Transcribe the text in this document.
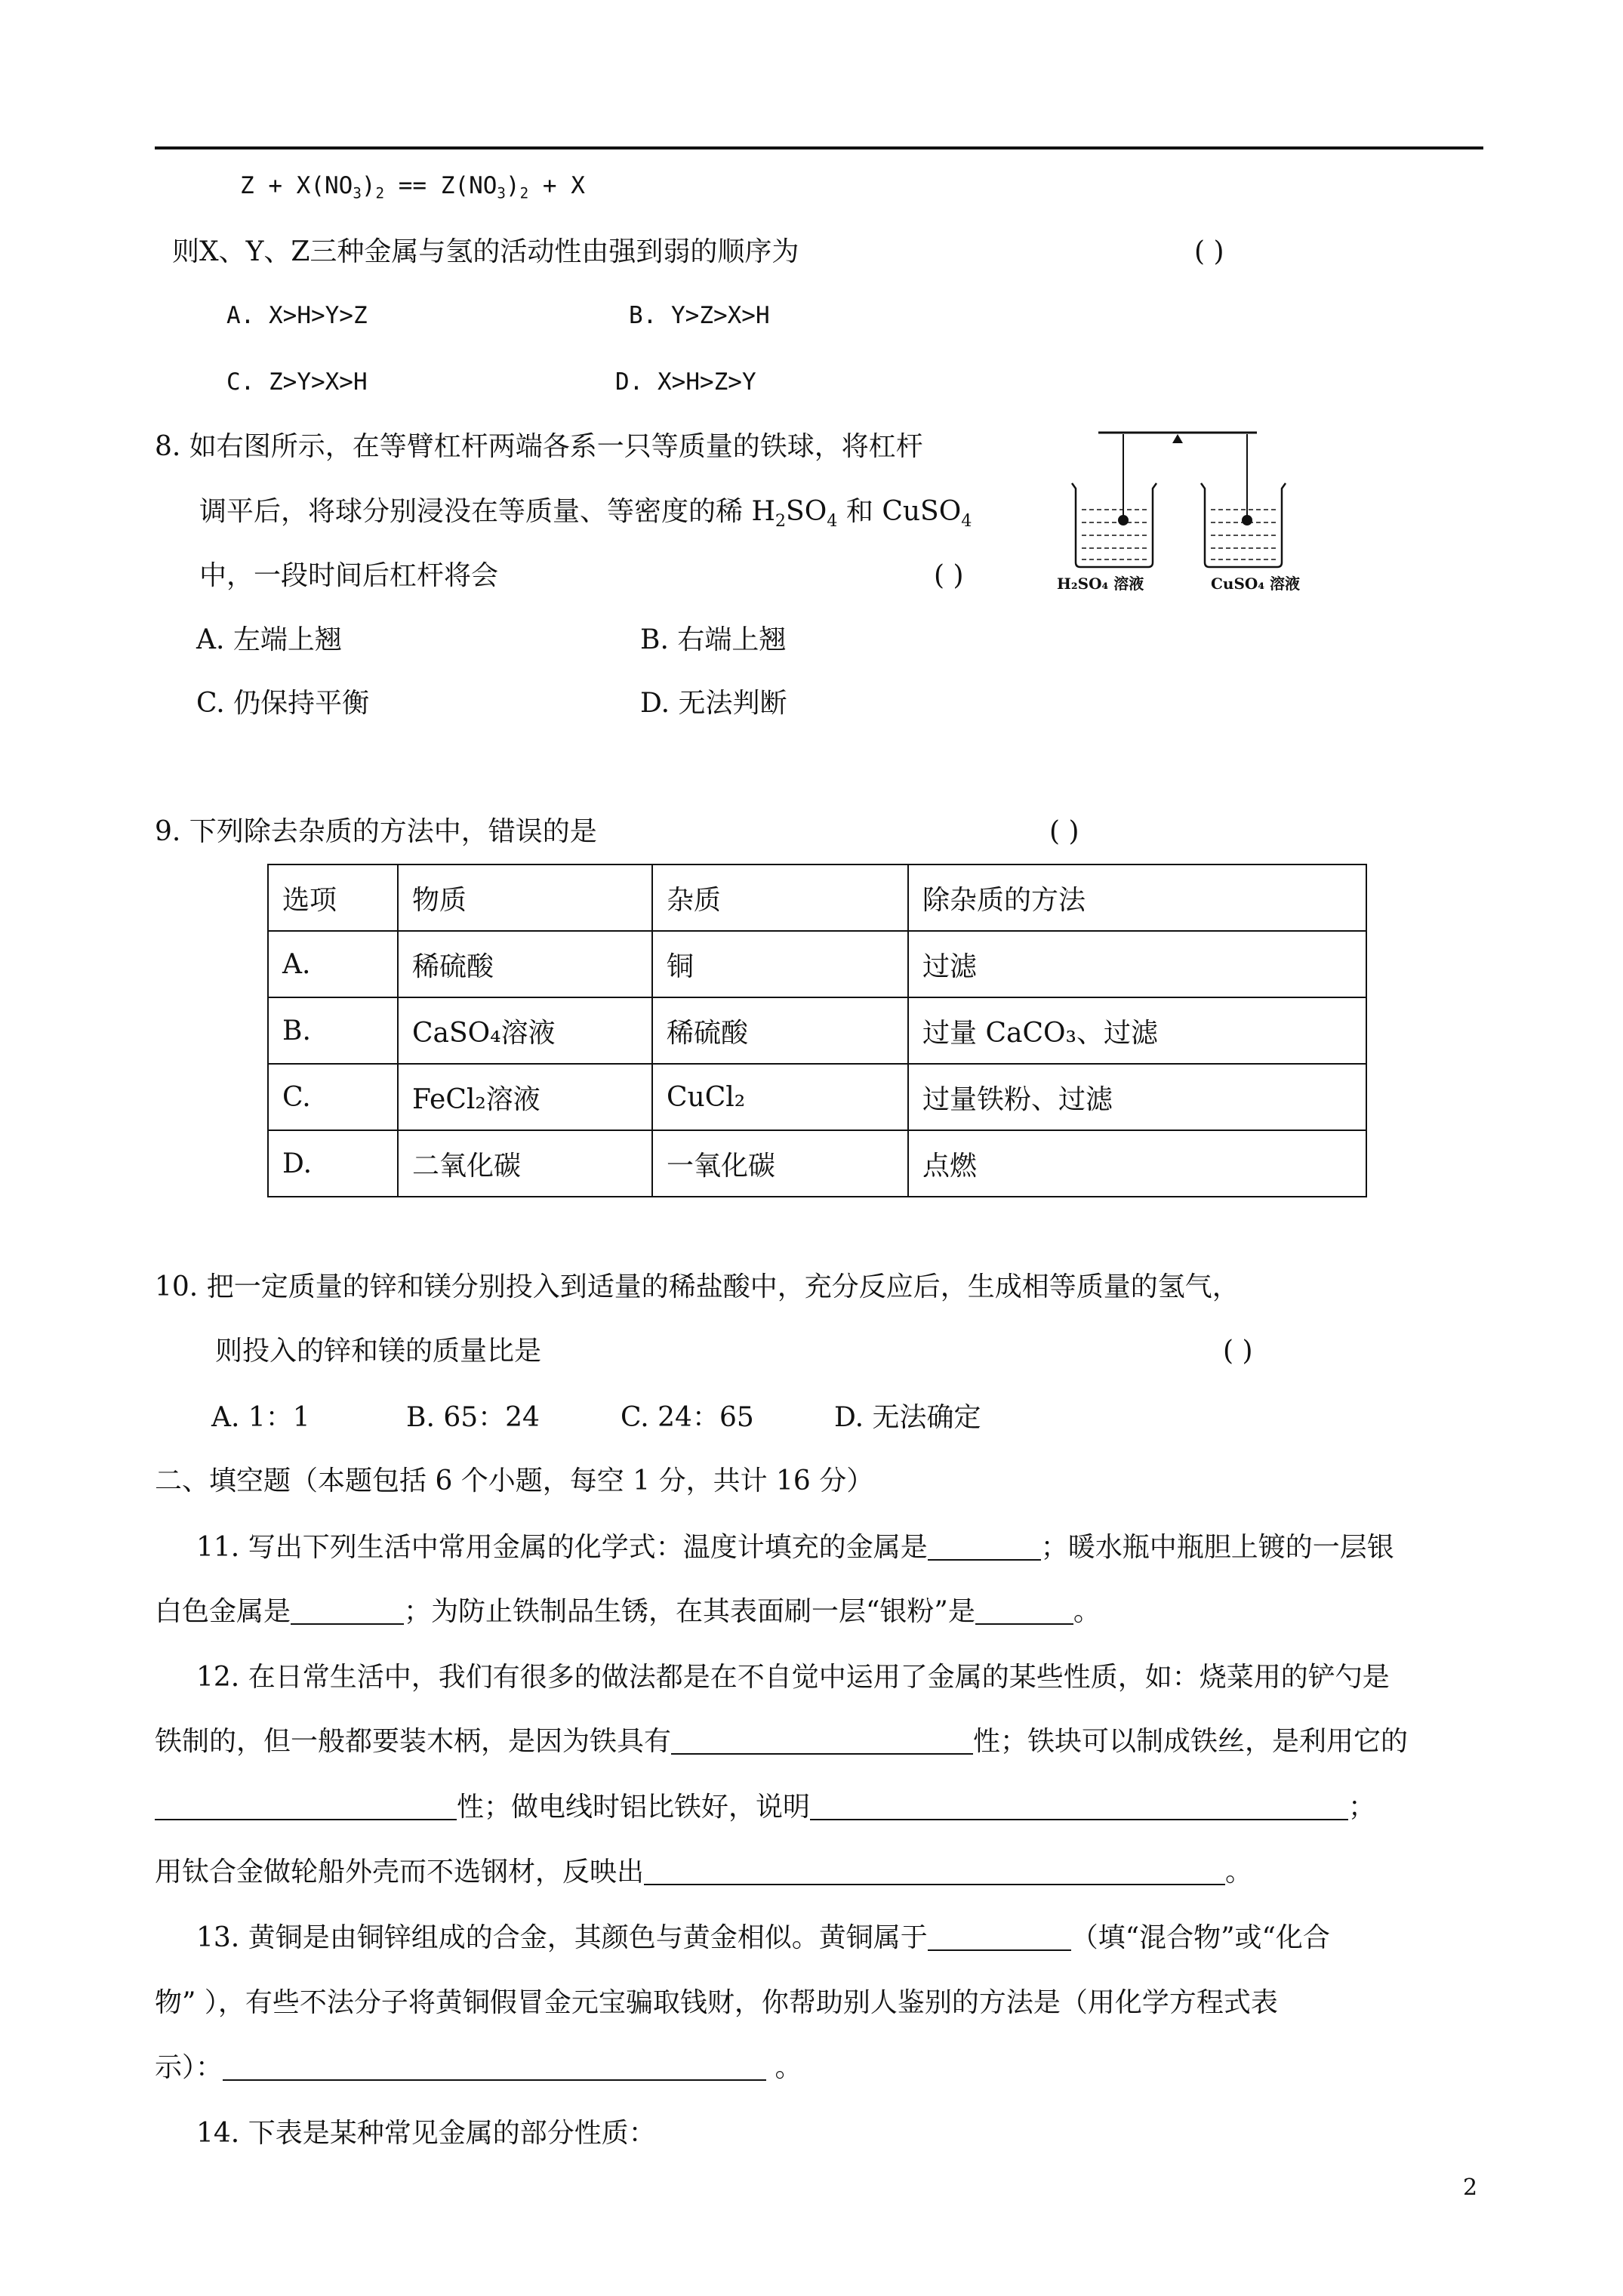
$Z + X(NO_3)_2 == Z(NO_3)_2 + X$
则X、Y、Z三种金属与氢的活动性由强到弱的顺序为	( )
A. X>H>Y>Z	B. Y>Z>X>H
C. Z>Y>X>H	D. X>H>Z>Y
8. 如右图所示，在等臂杠杆两端各系一只等质量的铁球，将杠杆
调平后，将球分别浸没在等质量、等密度的稀 $H_2SO_4$ 和 CuSO$_4$
中，一段时间后杠杆将会	( )	H₂SO₄ 溶液	CuSO₄ 溶液
A. 左端上翘	B. 右端上翘
C. 仍保持平衡	D. 无法判断
9. 下列除去杂质的方法中，错误的是	( )
选项	物质	杂质	除杂质的方法
A.	稀硫酸	铜	过滤
B.	CaSO₄溶液	稀硫酸	过量 CaCO₃、过滤
C.	FeCl₂溶液	CuCl₂	过量铁粉、过滤
D.	二氧化碳	一氧化碳	点燃
10. 把一定质量的锌和镁分别投入到适量的稀盐酸中，充分反应后，生成相等质量的氢气，
则投入的锌和镁的质量比是	( )
A. 1：1	B. 65：24	C. 24：65	D. 无法确定
二、填空题（本题包括 6 个小题，每空 1 分，共计 16 分）
11. 写出下列生活中常用金属的化学式：温度计填充的金属是	；暖水瓶中瓶胆上镀的一层银
白色金属是	；为防止铁制品生锈，在其表面刷一层“银粉”是	。
12. 在日常生活中，我们有很多的做法都是在不自觉中运用了金属的某些性质，如：烧菜用的铲勺是
铁制的，但一般都要装木柄，是因为铁具有	性；铁块可以制成铁丝，是利用它的
性；做电线时铝比铁好，说明	；
用钛合金做轮船外壳而不选钢材，反映出	。
13. 黄铜是由铜锌组成的合金，其颜色与黄金相似。黄铜属于	（填“混合物”或“化合
物” ），有些不法分子将黄铜假冒金元宝骗取钱财，你帮助别人鉴别的方法是（用化学方程式表
示）：	。
14. 下表是某种常见金属的部分性质：
2
